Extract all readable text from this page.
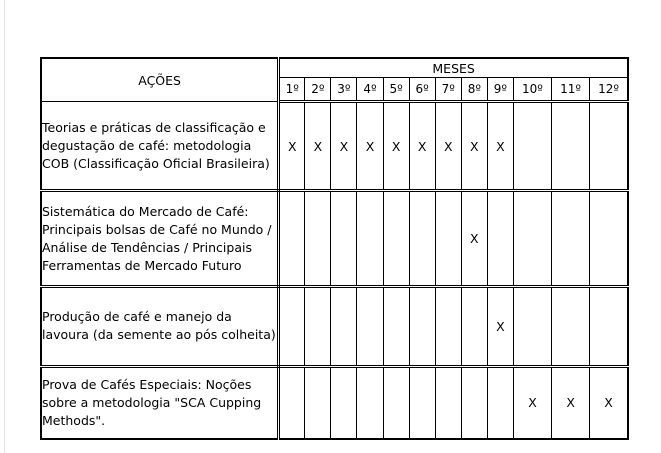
AÇÕES	MESES											
	1º	2º	3º	4º	5º	6º	7º	8º	9º	10º	11º	12º
Teorias e práticas de classificação e degustação de café: metodologia COB (Classificação Oficial Brasileira)	X	X	X	X	X	X	X	X	X			
Sistemática do Mercado de Café: Principais bolsas de Café no Mundo / Análise de Tendências / Principais Ferramentas de Mercado Futuro								X				
Produção de café e manejo da lavoura (da semente ao pós colheita)									X			
Prova de Cafés Especiais: Noções sobre a metodologia "SCA Cupping Methods".										X	X	X
